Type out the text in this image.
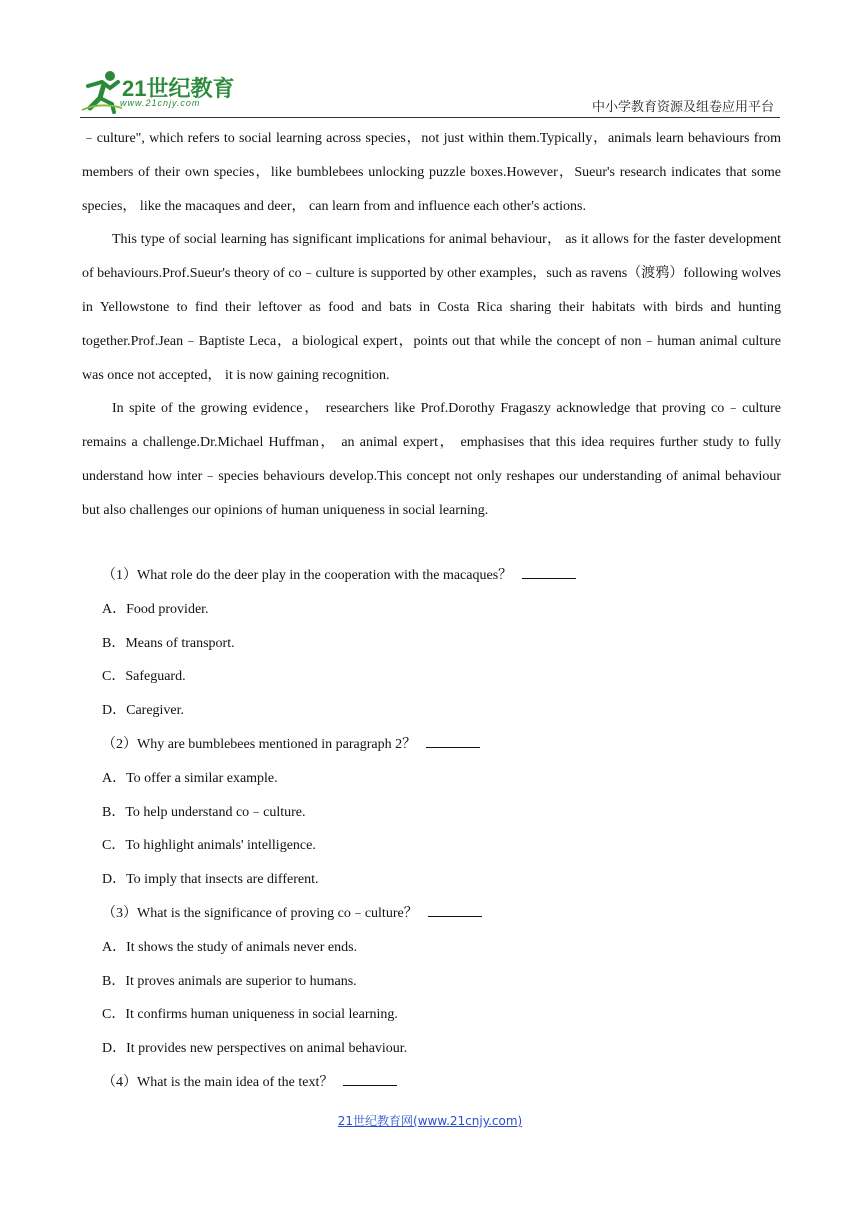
21世纪教育
www.21cnjy.com	中小学教育资源及组卷应用平台

﹣culture", which refers to social learning across species，not just within them.Typically，animals learn behaviours from members of their own species，like bumblebees unlocking puzzle boxes.However，Sueur's research indicates that some species， like the macaques and deer， can learn from and influence each other's actions.

This type of social learning has significant implications for animal behaviour， as it allows for the faster development of behaviours.Prof.Sueur's theory of co﹣culture is supported by other examples，such as ravens（渡鸦）following wolves in Yellowstone to find their leftover as food and bats in Costa Rica sharing their habitats with birds and hunting together.Prof.Jean﹣Baptiste Leca，a biological expert，points out that while the concept of non﹣human animal culture was once not accepted， it is now gaining recognition.

In spite of the growing evidence， researchers like Prof.Dorothy Fragaszy acknowledge that proving co﹣culture remains a challenge.Dr.Michael Huffman， an animal expert， emphasises that this idea requires further study to fully understand how inter﹣species behaviours develop.This concept not only reshapes our understanding of animal behaviour but also challenges our opinions of human uniqueness in social learning.

（1）What role do the deer play in the cooperation with the macaques？
A．Food provider.
B．Means of transport.
C．Safeguard.
D．Caregiver.
（2）Why are bumblebees mentioned in paragraph 2？
A．To offer a similar example.
B．To help understand co﹣culture.
C．To highlight animals' intelligence.
D．To imply that insects are different.
（3）What is the significance of proving co﹣culture？
A．It shows the study of animals never ends.
B．It proves animals are superior to humans.
C．It confirms human uniqueness in social learning.
D．It provides new perspectives on animal behaviour.
（4）What is the main idea of the text？
21世纪教育网(www.21cnjy.com)
